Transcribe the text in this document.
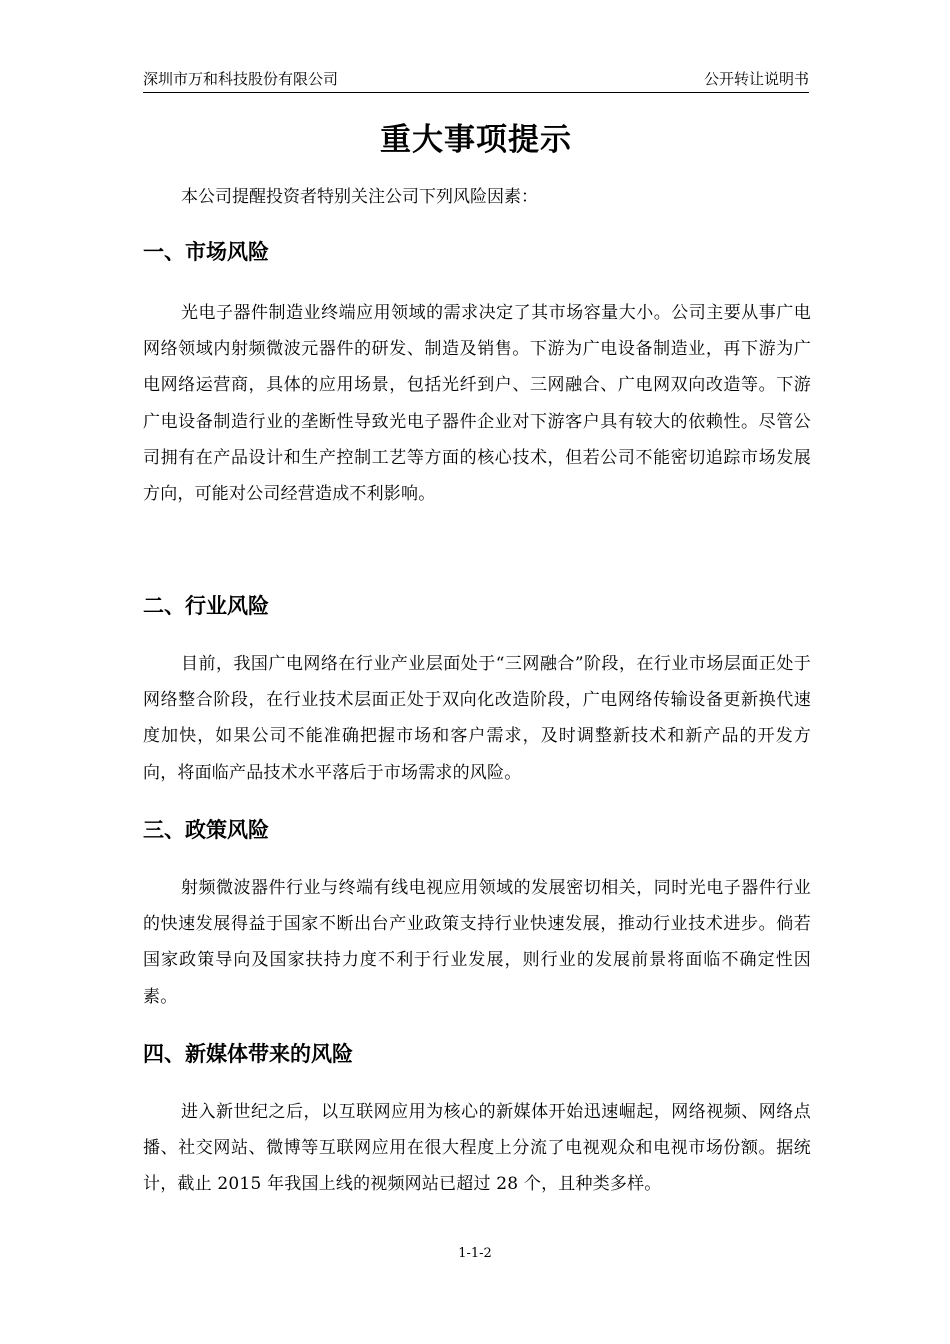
深圳市万和科技股份有限公司	公开转让说明书
重大事项提示
本公司提醒投资者特别关注公司下列风险因素：
一、市场风险
光电子器件制造业终端应用领域的需求决定了其市场容量大小。公司主要从事广电网络领域内射频微波元器件的研发、制造及销售。下游为广电设备制造业，再下游为广电网络运营商，具体的应用场景，包括光纤到户、三网融合、广电网双向改造等。下游广电设备制造行业的垄断性导致光电子器件企业对下游客户具有较大的依赖性。尽管公司拥有在产品设计和生产控制工艺等方面的核心技术，但若公司不能密切追踪市场发展方向，可能对公司经营造成不利影响。
二、行业风险
目前，我国广电网络在行业产业层面处于“三网融合”阶段，在行业市场层面正处于网络整合阶段，在行业技术层面正处于双向化改造阶段，广电网络传输设备更新换代速度加快，如果公司不能准确把握市场和客户需求，及时调整新技术和新产品的开发方向，将面临产品技术水平落后于市场需求的风险。
三、政策风险
射频微波器件行业与终端有线电视应用领域的发展密切相关，同时光电子器件行业的快速发展得益于国家不断出台产业政策支持行业快速发展，推动行业技术进步。倘若国家政策导向及国家扶持力度不利于行业发展，则行业的发展前景将面临不确定性因素。
四、新媒体带来的风险
进入新世纪之后，以互联网应用为核心的新媒体开始迅速崛起，网络视频、网络点播、社交网站、微博等互联网应用在很大程度上分流了电视观众和电视市场份额。据统计，截止 2015 年我国上线的视频网站已超过 28 个，且种类多样。
1-1-2
